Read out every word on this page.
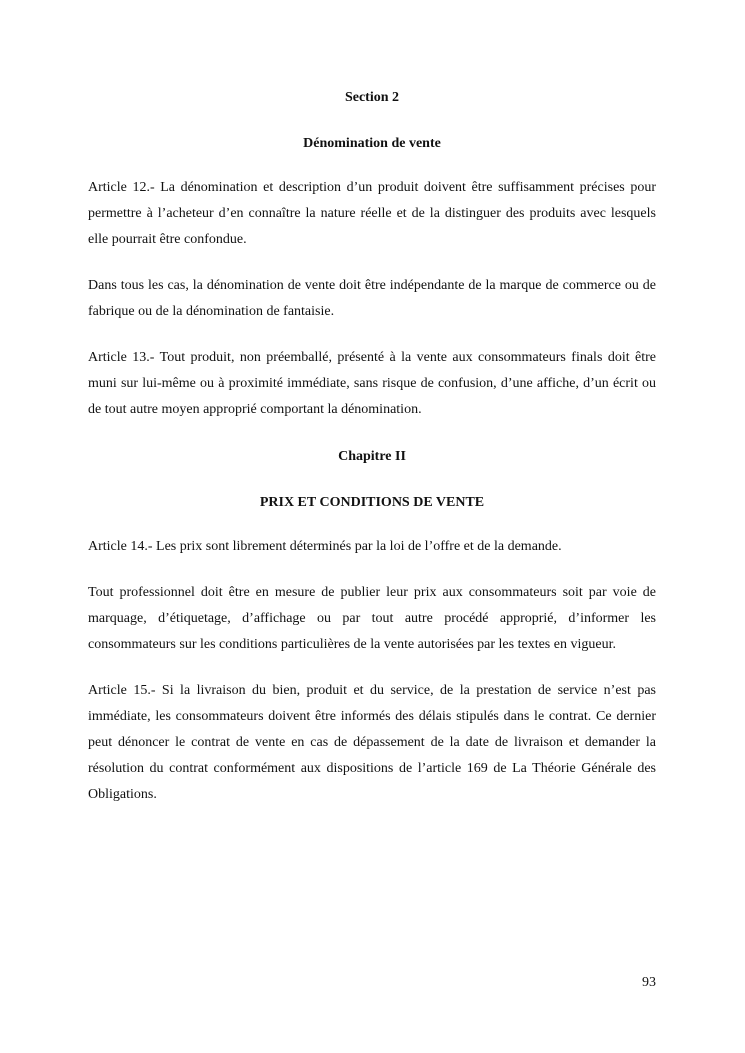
Section 2
Dénomination de vente

Article 12.- La dénomination et description d’un produit doivent être suffisamment précises pour permettre à l’acheteur d’en connaître la nature réelle et de la distinguer des produits avec lesquels elle pourrait être confondue.

Dans tous les cas, la dénomination de vente doit être indépendante de la marque de commerce ou de fabrique ou de la dénomination de fantaisie.

Article 13.- Tout produit, non préemballé, présenté à la vente aux consommateurs finals doit être muni sur lui-même ou à proximité immédiate, sans risque de confusion, d’une affiche, d’un écrit ou de tout autre moyen approprié comportant la dénomination.

Chapitre II
PRIX ET CONDITIONS DE VENTE

Article 14.- Les prix sont librement déterminés par la loi de l’offre et de la demande.

Tout professionnel doit être en mesure de publier leur prix aux consommateurs soit par voie de marquage, d’étiquetage, d’affichage ou par tout autre procédé approprié, d’informer les consommateurs sur les conditions particulières de la vente autorisées par les textes en vigueur.

Article 15.- Si la livraison du bien, produit et du service, de la prestation de service n’est pas immédiate, les consommateurs doivent être informés des délais stipulés dans le contrat. Ce dernier peut dénoncer le contrat de vente en cas de dépassement de la date de livraison et demander la résolution du contrat conformément aux dispositions de l’article 169 de La Théorie Générale des Obligations.

93
